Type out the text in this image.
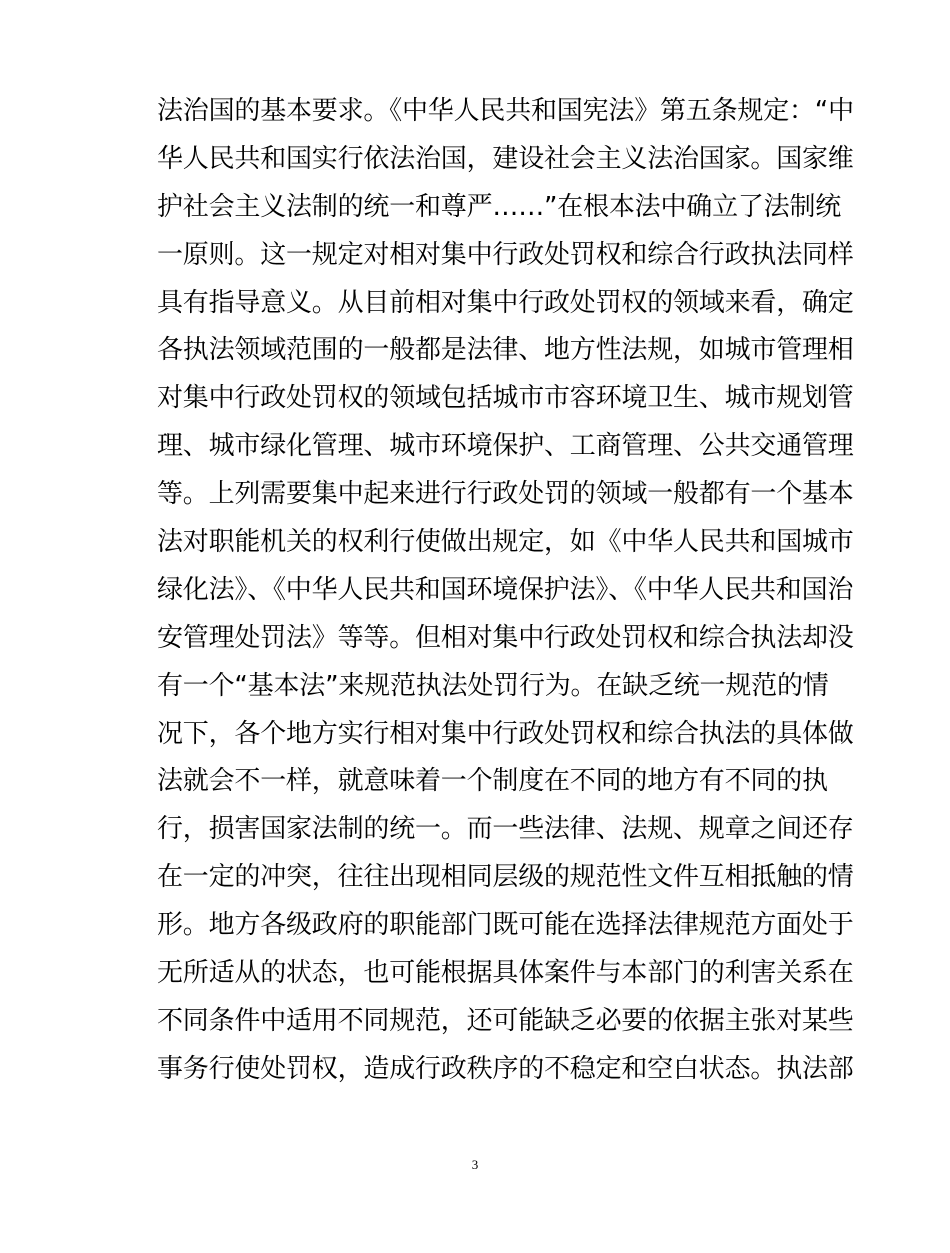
法治国的基本要求。《中华人民共和国宪法》第五条规定：“中
华人民共和国实行依法治国，建设社会主义法治国家。国家维
护社会主义法制的统一和尊严……”在根本法中确立了法制统
一原则。这一规定对相对集中行政处罚权和综合行政执法同样
具有指导意义。从目前相对集中行政处罚权的领域来看，确定
各执法领域范围的一般都是法律、地方性法规，如城市管理相
对集中行政处罚权的领域包括城市市容环境卫生、城市规划管
理、城市绿化管理、城市环境保护、工商管理、公共交通管理
等。上列需要集中起来进行行政处罚的领域一般都有一个基本
法对职能机关的权利行使做出规定，如《中华人民共和国城市
绿化法》、《中华人民共和国环境保护法》、《中华人民共和国治
安管理处罚法》等等。但相对集中行政处罚权和综合执法却没
有一个“基本法”来规范执法处罚行为。在缺乏统一规范的情
况下，各个地方实行相对集中行政处罚权和综合执法的具体做
法就会不一样，就意味着一个制度在不同的地方有不同的执
行，损害国家法制的统一。而一些法律、法规、规章之间还存
在一定的冲突，往往出现相同层级的规范性文件互相抵触的情
形。地方各级政府的职能部门既可能在选择法律规范方面处于
无所适从的状态，也可能根据具体案件与本部门的利害关系在
不同条件中适用不同规范，还可能缺乏必要的依据主张对某些
事务行使处罚权，造成行政秩序的不稳定和空白状态。执法部
3
